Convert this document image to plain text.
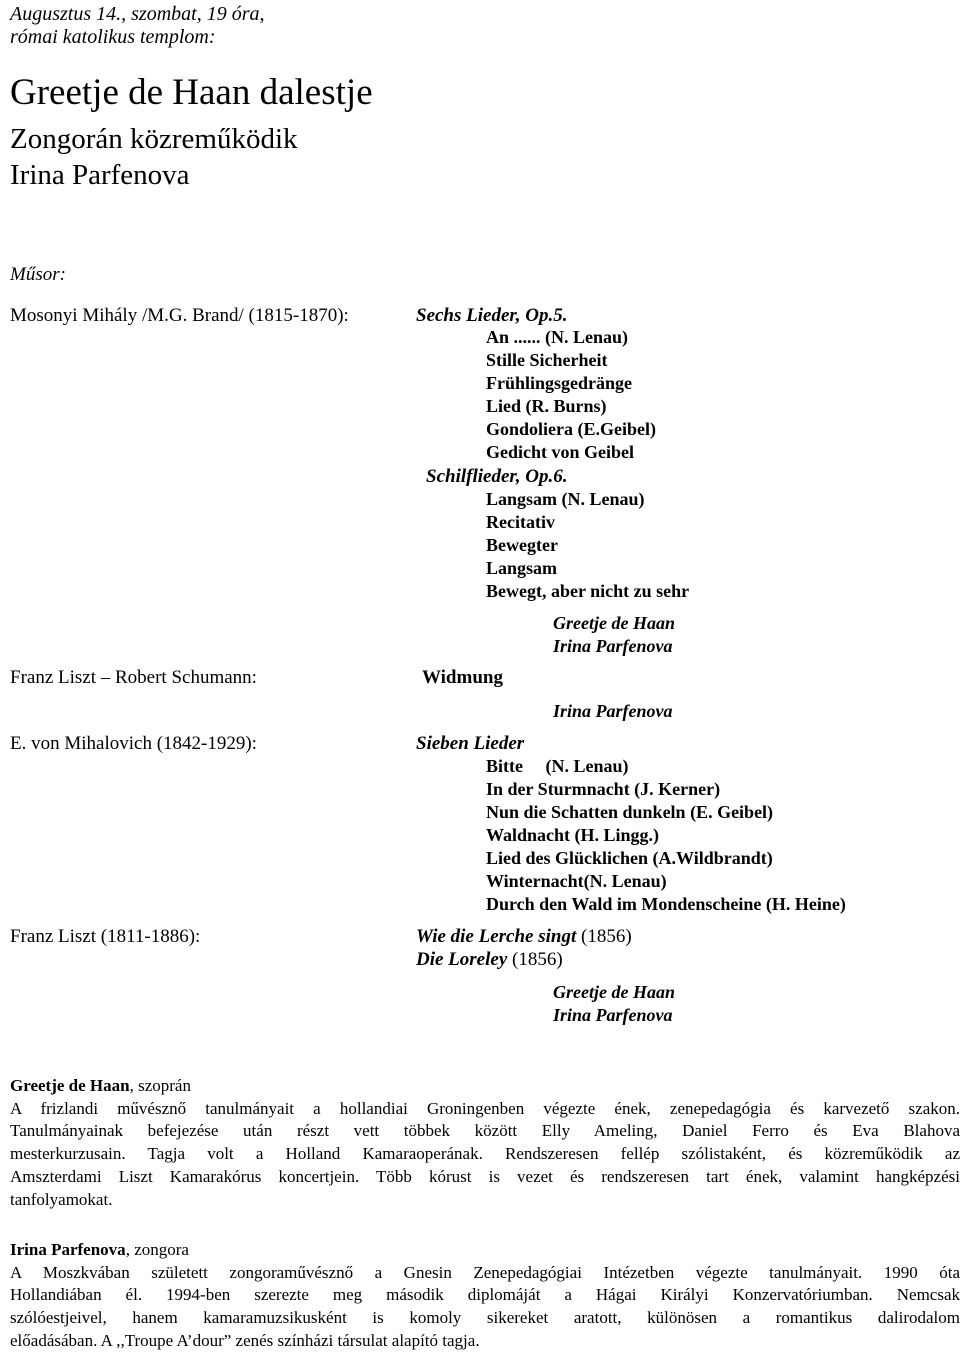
Augusztus 14., szombat, 19 óra,
római katolikus templom:
Greetje de Haan dalestje
Zongorán közreműködik
Irina Parfenova
Műsor:
Mosonyi Mihály /M.G. Brand/ (1815-1870):	Sechs Lieder, Op.5.
An ...... (N. Lenau)
Stille Sicherheit
Frühlingsgedränge
Lied (R. Burns)
Gondoliera (E.Geibel)
Gedicht von Geibel
Schilflieder, Op.6.
Langsam (N. Lenau)
Recitativ
Bewegter
Langsam
Bewegt, aber nicht zu sehr
Greetje de Haan
Irina Parfenova
Franz Liszt – Robert Schumann:	Widmung
Irina Parfenova
E. von Mihalovich (1842-1929):	Sieben Lieder
Bitte     (N. Lenau)
In der Sturmnacht (J. Kerner)
Nun die Schatten dunkeln (E. Geibel)
Waldnacht (H. Lingg.)
Lied des Glücklichen (A.Wildbrandt)
Winternacht(N. Lenau)
Durch den Wald im Mondenscheine (H. Heine)
Franz Liszt (1811-1886):	Wie die Lerche singt (1856)
Die Loreley (1856)
Greetje de Haan
Irina Parfenova
Greetje de Haan, szoprán
A frizlandi művésznő tanulmányait a hollandiai Groningenben végezte ének, zenepedagógia és karvezető szakon.
Tanulmányainak befejezése után részt vett többek között Elly Ameling, Daniel Ferro és Eva Blahova
mesterkurzusain. Tagja volt a Holland Kamaraoperának. Rendszeresen fellép szólistaként, és közreműködik az
Amszterdami Liszt Kamarakórus koncertjein. Több kórust is vezet és rendszeresen tart ének, valamint hangképzési
tanfolyamokat.
Irina Parfenova, zongora
A Moszkvában született zongoraművésznő a Gnesin Zenepedagógiai Intézetben végezte tanulmányait. 1990 óta
Hollandiában él. 1994-ben szerezte meg második diplomáját a Hágai Királyi Konzervatóriumban. Nemcsak
szólóestjeivel, hanem kamaramuzsikusként is komoly sikereket aratott, különösen a romantikus dalirodalom
előadásában. A ,,Troupe A’dour” zenés színházi társulat alapító tagja.
